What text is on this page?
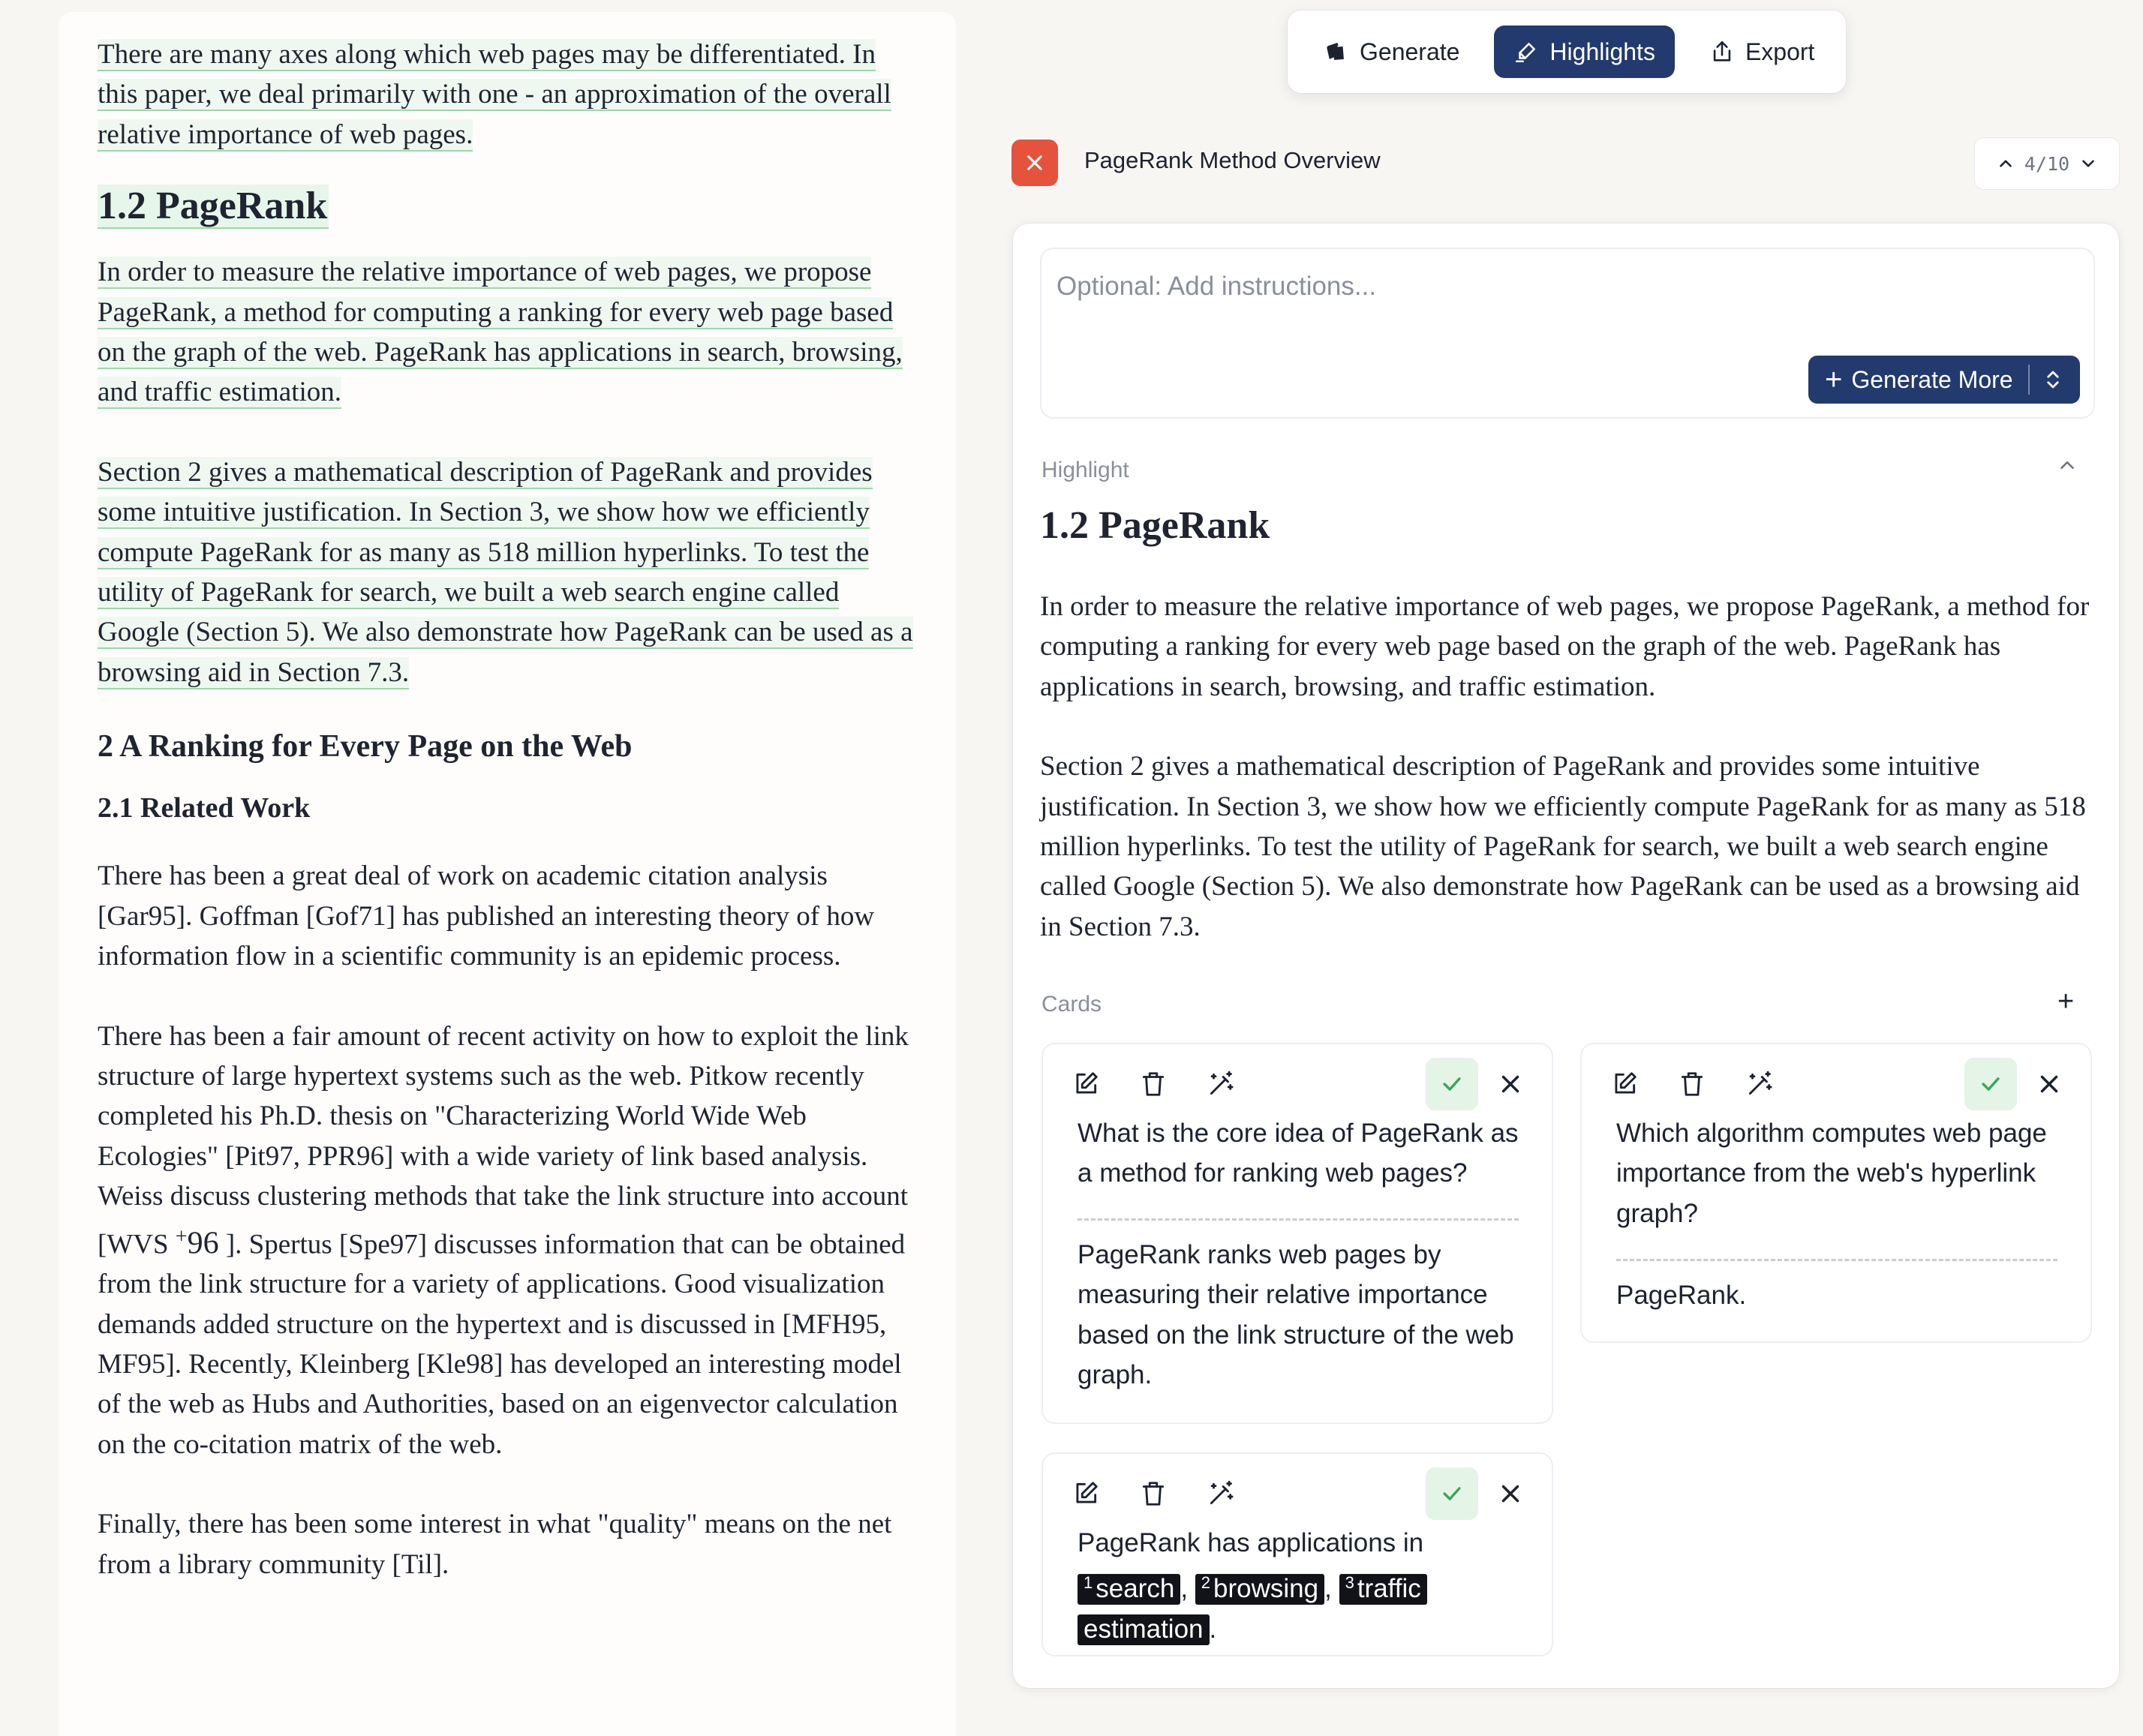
There are many axes along which web pages may be differentiated. In this paper, we deal primarily with one - an approximation of the overall relative importance of web pages.

1.2 PageRank

In order to measure the relative importance of web pages, we propose PageRank, a method for computing a ranking for every web page based on the graph of the web. PageRank has applications in search, browsing, and traffic estimation.

Section 2 gives a mathematical description of PageRank and provides some intuitive justification. In Section 3, we show how we efficiently compute PageRank for as many as 518 million hyperlinks. To test the utility of PageRank for search, we built a web search engine called Google (Section 5). We also demonstrate how PageRank can be used as a browsing aid in Section 7.3.

2 A Ranking for Every Page on the Web
2.1 Related Work

There has been a great deal of work on academic citation analysis [Gar95]. Goffman [Gof71] has published an interesting theory of how information flow in a scientific community is an epidemic process.

There has been a fair amount of recent activity on how to exploit the link structure of large hypertext systems such as the web. Pitkow recently completed his Ph.D. thesis on "Characterizing World Wide Web Ecologies" [Pit97, PPR96] with a wide variety of link based analysis. Weiss discuss clustering methods that take the link structure into account [WVS +96 ]. Spertus [Spe97] discusses information that can be obtained from the link structure for a variety of applications. Good visualization demands added structure on the hypertext and is discussed in [MFH95, MF95]. Recently, Kleinberg [Kle98] has developed an interesting model of the web as Hubs and Authorities, based on an eigenvector calculation on the co-citation matrix of the web.

Finally, there has been some interest in what "quality" means on the net from a library community [Til].

Generate	Highlights	Export
PageRank Method Overview	4/10
Optional: Add instructions...
+ Generate More
Highlight
1.2 PageRank

In order to measure the relative importance of web pages, we propose PageRank, a method for computing a ranking for every web page based on the graph of the web. PageRank has applications in search, browsing, and traffic estimation.

Section 2 gives a mathematical description of PageRank and provides some intuitive justification. In Section 3, we show how we efficiently compute PageRank for as many as 518 million hyperlinks. To test the utility of PageRank for search, we built a web search engine called Google (Section 5). We also demonstrate how PageRank can be used as a browsing aid in Section 7.3.

Cards	+
What is the core idea of PageRank as a method for ranking web pages?
PageRank ranks web pages by measuring their relative importance based on the link structure of the web graph.
Which algorithm computes web page importance from the web's hyperlink graph?
PageRank.
PageRank has applications in $^1$ search , $^2$ browsing , $^3$ traffic estimation .
